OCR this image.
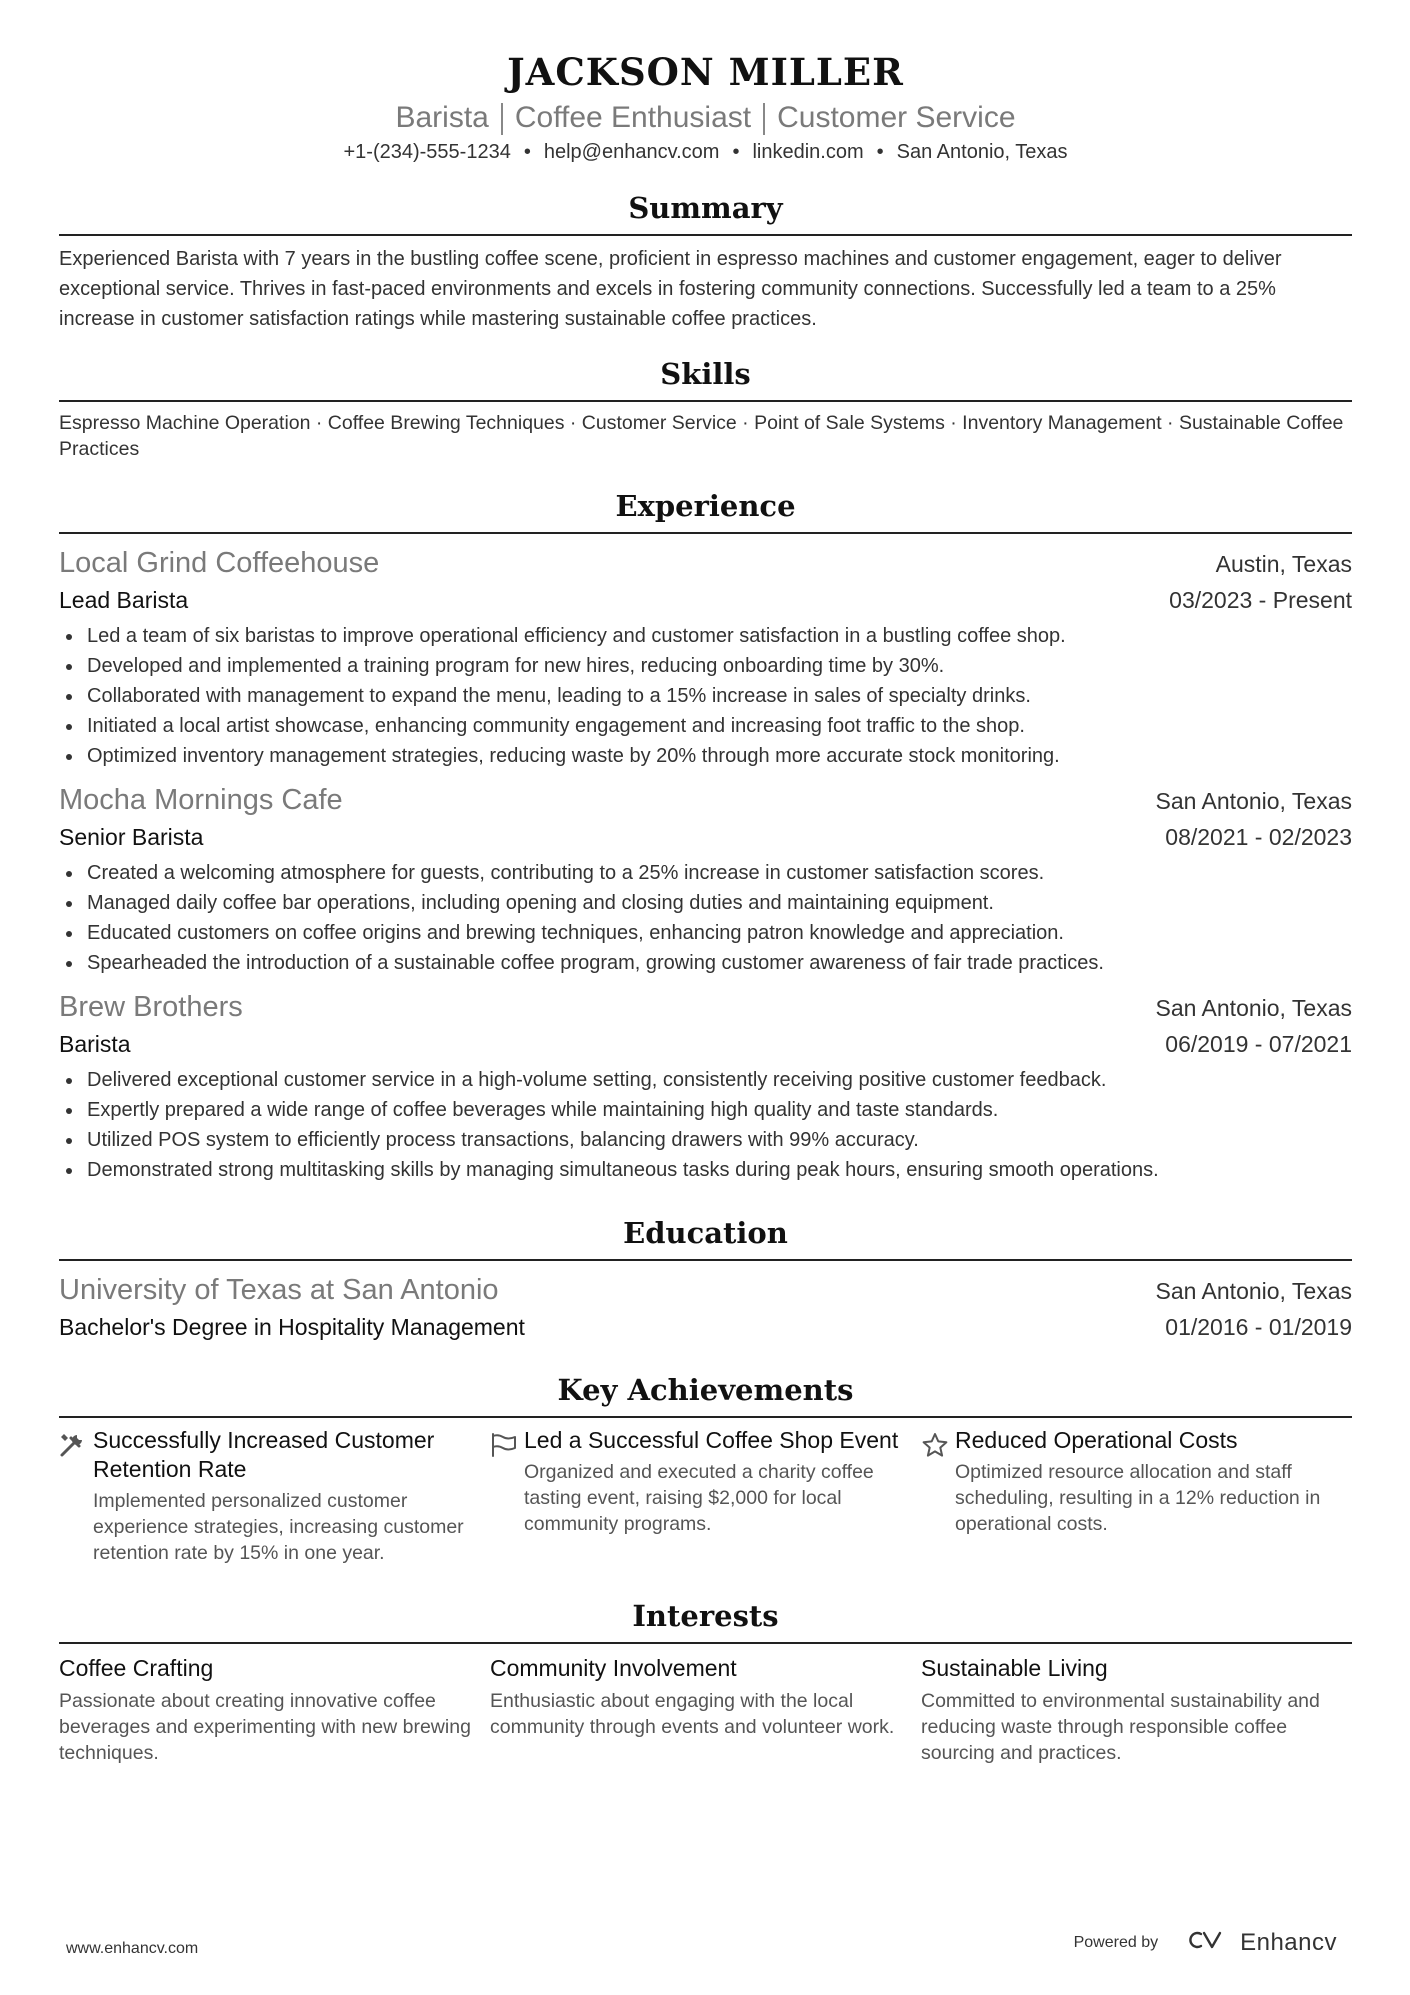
JACKSON MILLER
Barista Coffee Enthusiast Customer Service
+1-(234)-555-1234 • help@enhancv.com • linkedin.com • San Antonio, Texas
Summary
Experienced Barista with 7 years in the bustling coffee scene, proficient in espresso machines and customer engagement, eager to deliver exceptional service. Thrives in fast-paced environments and excels in fostering community connections. Successfully led a team to a 25% increase in customer satisfaction ratings while mastering sustainable coffee practices.
Skills
Espresso Machine Operation · Coffee Brewing Techniques · Customer Service · Point of Sale Systems · Inventory Management · Sustainable Coffee Practices
Experience
Local Grind Coffeehouse	Austin, Texas
Lead Barista	03/2023 - Present
Led a team of six baristas to improve operational efficiency and customer satisfaction in a bustling coffee shop.
Developed and implemented a training program for new hires, reducing onboarding time by 30%.
Collaborated with management to expand the menu, leading to a 15% increase in sales of specialty drinks.
Initiated a local artist showcase, enhancing community engagement and increasing foot traffic to the shop.
Optimized inventory management strategies, reducing waste by 20% through more accurate stock monitoring.
Mocha Mornings Cafe	San Antonio, Texas
Senior Barista	08/2021 - 02/2023
Created a welcoming atmosphere for guests, contributing to a 25% increase in customer satisfaction scores.
Managed daily coffee bar operations, including opening and closing duties and maintaining equipment.
Educated customers on coffee origins and brewing techniques, enhancing patron knowledge and appreciation.
Spearheaded the introduction of a sustainable coffee program, growing customer awareness of fair trade practices.
Brew Brothers	San Antonio, Texas
Barista	06/2019 - 07/2021
Delivered exceptional customer service in a high-volume setting, consistently receiving positive customer feedback.
Expertly prepared a wide range of coffee beverages while maintaining high quality and taste standards.
Utilized POS system to efficiently process transactions, balancing drawers with 99% accuracy.
Demonstrated strong multitasking skills by managing simultaneous tasks during peak hours, ensuring smooth operations.
Education
University of Texas at San Antonio	San Antonio, Texas
Bachelor's Degree in Hospitality Management	01/2016 - 01/2019
Key Achievements
Successfully Increased Customer Retention Rate
Implemented personalized customer experience strategies, increasing customer retention rate by 15% in one year.
Led a Successful Coffee Shop Event
Organized and executed a charity coffee tasting event, raising $2,000 for local community programs.
Reduced Operational Costs
Optimized resource allocation and staff scheduling, resulting in a 12% reduction in operational costs.
Interests
Coffee Crafting
Passionate about creating innovative coffee beverages and experimenting with new brewing techniques.
Community Involvement
Enthusiastic about engaging with the local community through events and volunteer work.
Sustainable Living
Committed to environmental sustainability and reducing waste through responsible coffee sourcing and practices.
www.enhancv.com	Powered by	Enhancv
